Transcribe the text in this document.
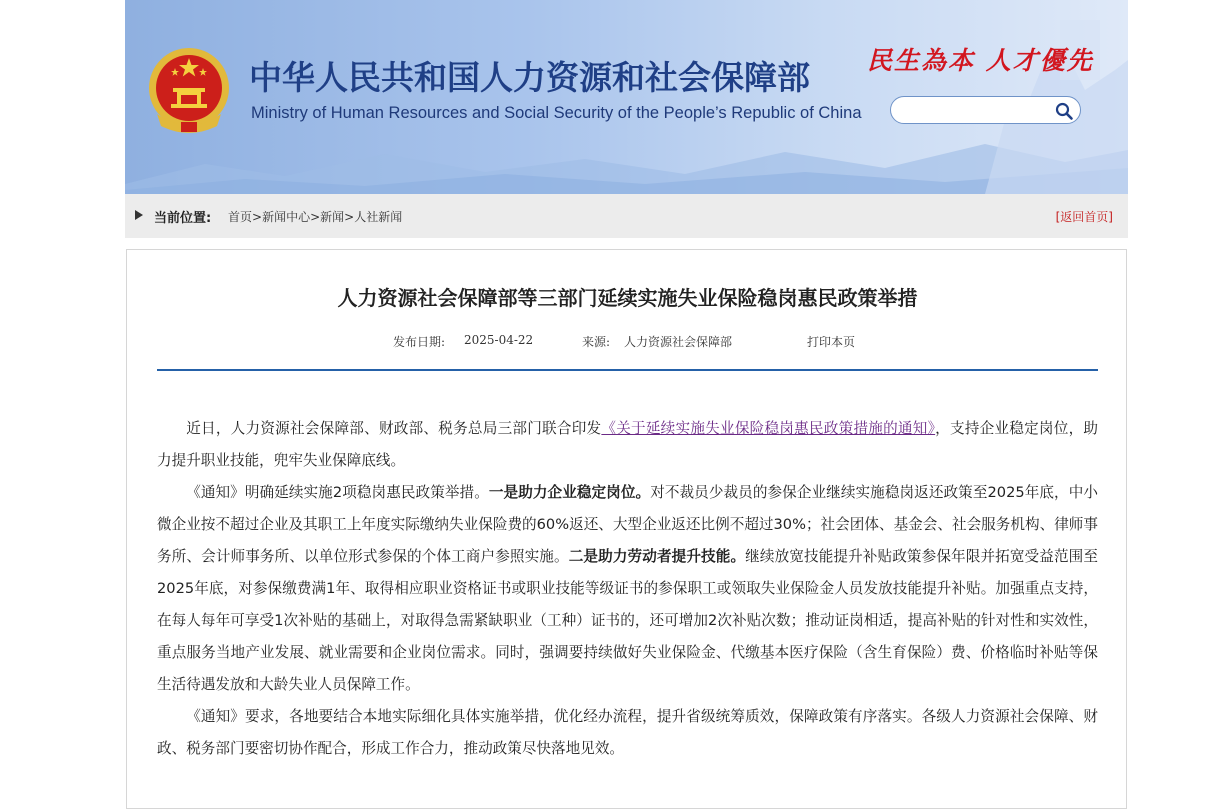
中华人民共和国人力资源和社会保障部
Ministry of Human Resources and Social Security of the People’s Republic of China
民生為本 人才優先
当前位置: 首页>新闻中心>新闻>人社新闻	[返回首页]
人力资源社会保障部等三部门延续实施失业保险稳岗惠民政策举措
发布日期: 2025-04-22	来源: 人力资源社会保障部	打印本页

近日，人力资源社会保障部、财政部、税务总局三部门联合印发《关于延续实施失业保险稳岗惠民政策措施的通知》，支持企业稳定岗位，助力提升职业技能，兜牢失业保障底线。

《通知》明确延续实施2项稳岗惠民政策举措。一是助力企业稳定岗位。对不裁员少裁员的参保企业继续实施稳岗返还政策至2025年底，中小微企业按不超过企业及其职工上年度实际缴纳失业保险费的60%返还、大型企业返还比例不超过30%；社会团体、基金会、社会服务机构、律师事务所、会计师事务所、以单位形式参保的个体工商户参照实施。二是助力劳动者提升技能。继续放宽技能提升补贴政策参保年限并拓宽受益范围至2025年底，对参保缴费满1年、取得相应职业资格证书或职业技能等级证书的参保职工或领取失业保险金人员发放技能提升补贴。加强重点支持，在每人每年可享受1次补贴的基础上，对取得急需紧缺职业（工种）证书的，还可增加2次补贴次数；推动证岗相适，提高补贴的针对性和实效性，重点服务当地产业发展、就业需要和企业岗位需求。同时，强调要持续做好失业保险金、代缴基本医疗保险（含生育保险）费、价格临时补贴等保生活待遇发放和大龄失业人员保障工作。

《通知》要求，各地要结合本地实际细化具体实施举措，优化经办流程，提升省级统筹质效，保障政策有序落实。各级人力资源社会保障、财政、税务部门要密切协作配合，形成工作合力，推动政策尽快落地见效。
